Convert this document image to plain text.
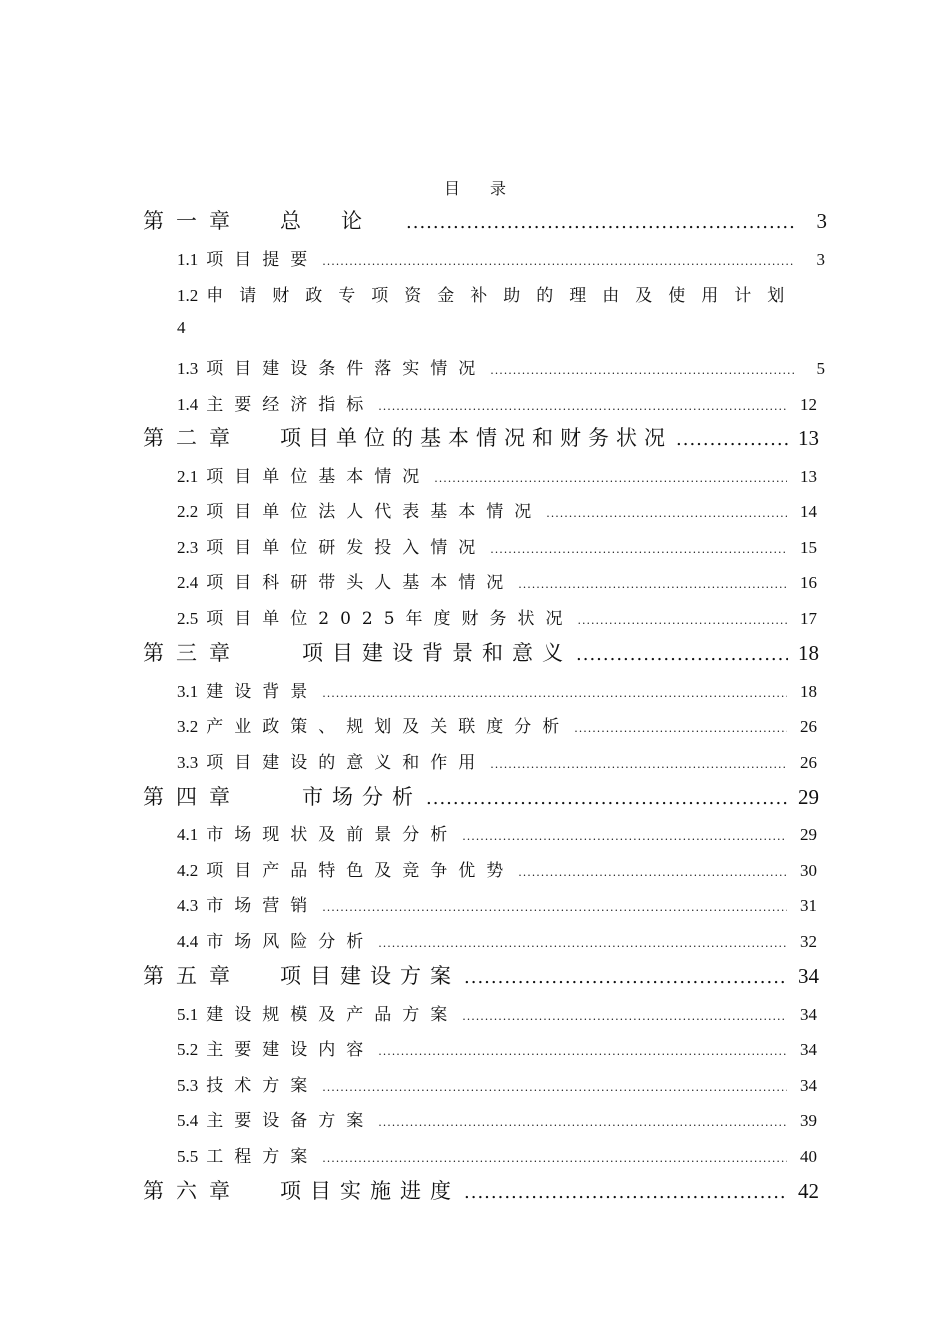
目录
第一章 总论 .....	3
1.1 项目提要 .....	3
1.2 申请财政专项资金补助的理由及使用计划
4
1.3 项目建设条件落实情况 .....	5
1.4 主要经济指标 .....	12
第二章 项目单位的基本情况和财务状况 .....	13
2.1 项目单位基本情况 .....	13
2.2 项目单位法人代表基本情况 .....	14
2.3 项目单位研发投入情况 .....	15
2.4 项目科研带头人基本情况 .....	16
2.5 项目单位2025年度财务状况 .....	17
第三章	项目建设背景和意义 .....	18
3.1 建设背景 .....	18
3.2 产业政策、规划及关联度分析 .....	26
3.3 项目建设的意义和作用 .....	26
第四章	市场分析 .....	29
4.1 市场现状及前景分析 .....	29
4.2 项目产品特色及竞争优势 .....	30
4.3 市场营销 .....	31
4.4 市场风险分析 .....	32
第五章 项目建设方案 .....	34
5.1 建设规模及产品方案 .....	34
5.2 主要建设内容 .....	34
5.3 技术方案 .....	34
5.4 主要设备方案 .....	39
5.5 工程方案 .....	40
第六章 项目实施进度 .....	42
